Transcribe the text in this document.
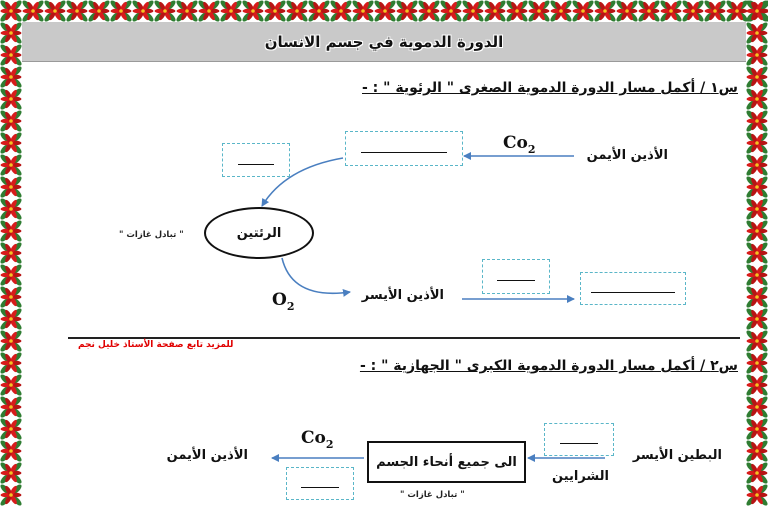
الدورة الدموية في جسم الانسان
س١ / أكمل مسار الدورة الدموية الصغرى " الرئوية " : -
الأذين الأيمن
$Co_2$
الرئتين
" تبادل غازات "
$O_2$
الأذين الأيسر
للمزيد تابع صفحة الأستاذ خليل نجم
س٢ / أكمل مسار الدورة الدموية الكبرى " الجهازية " : -
البطين الأيسر
الشرايين
الى جميع أنحاء الجسم
" تبادل غازات "
$Co_2$
الأذين الأيمن
